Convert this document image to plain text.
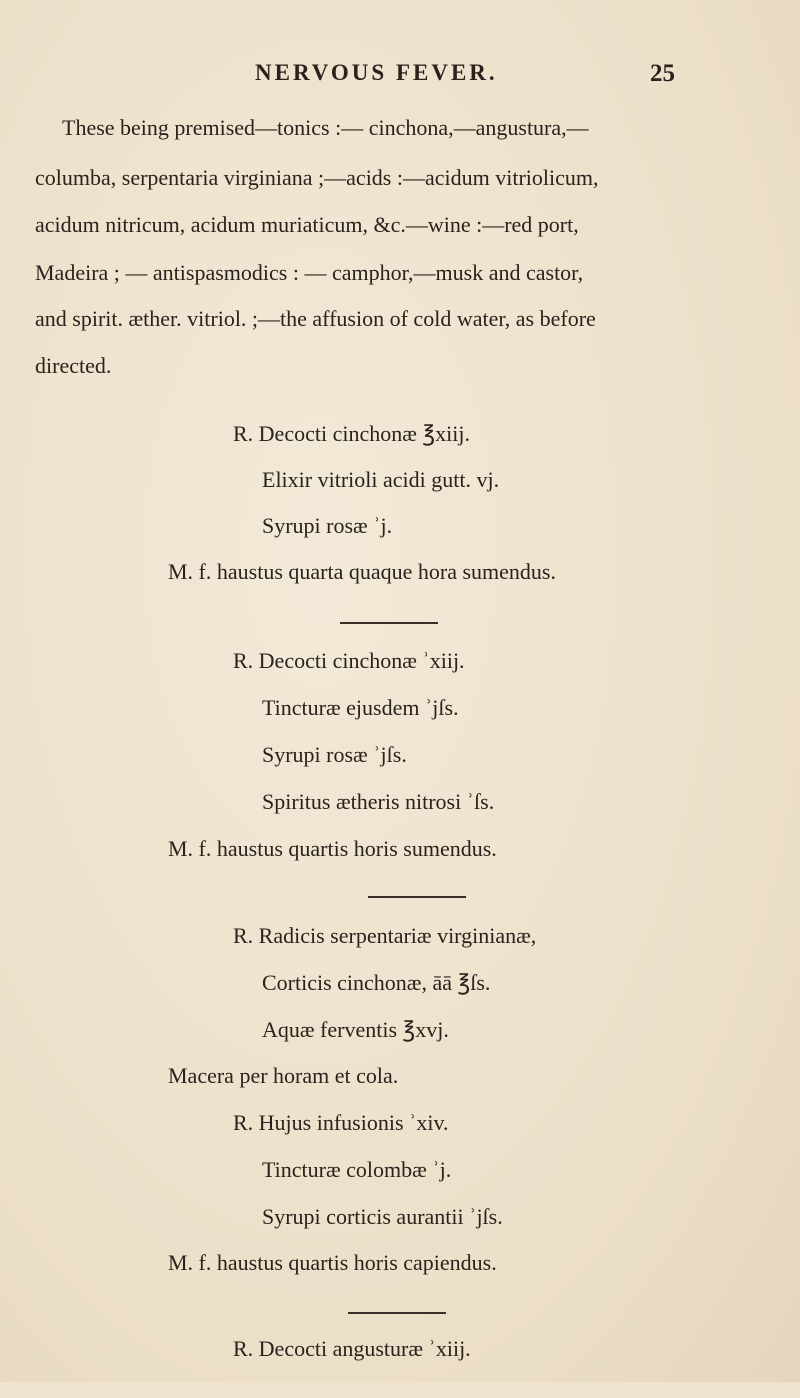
NERVOUS FEVER.	25
These being premised—tonics :— cinchona,—angustura,—
columba, serpentaria virginiana ;—acids :—acidum vitriolicum,
acidum nitricum, acidum muriaticum, &c.—wine :—red port,
Madeira ; — antispasmodics : — camphor,—musk and castor,
and spirit. æther. vitriol. ;—the affusion of cold water, as before
directed.
R. Decocti cinchonæ ℥xiij.
Elixir vitrioli acidi gutt. vj.
Syrupi rosæ ʾj.
M. f. haustus quarta quaque hora sumendus.
R. Decocti cinchonæ ʾxiij.
Tincturæ ejusdem ʾjſs.
Syrupi rosæ ʾjſs.
Spiritus ætheris nitrosi ʾſs.
M. f. haustus quartis horis sumendus.
R. Radicis serpentariæ virginianæ,
Corticis cinchonæ, āā ℥ſs.
Aquæ ferventis ℥xvj.
Macera per horam et cola.
R. Hujus infusionis ʾxiv.
Tincturæ colombæ ʾj.
Syrupi corticis aurantii ʾjſs.
M. f. haustus quartis horis capiendus.
R. Decocti angusturæ ʾxiij.
